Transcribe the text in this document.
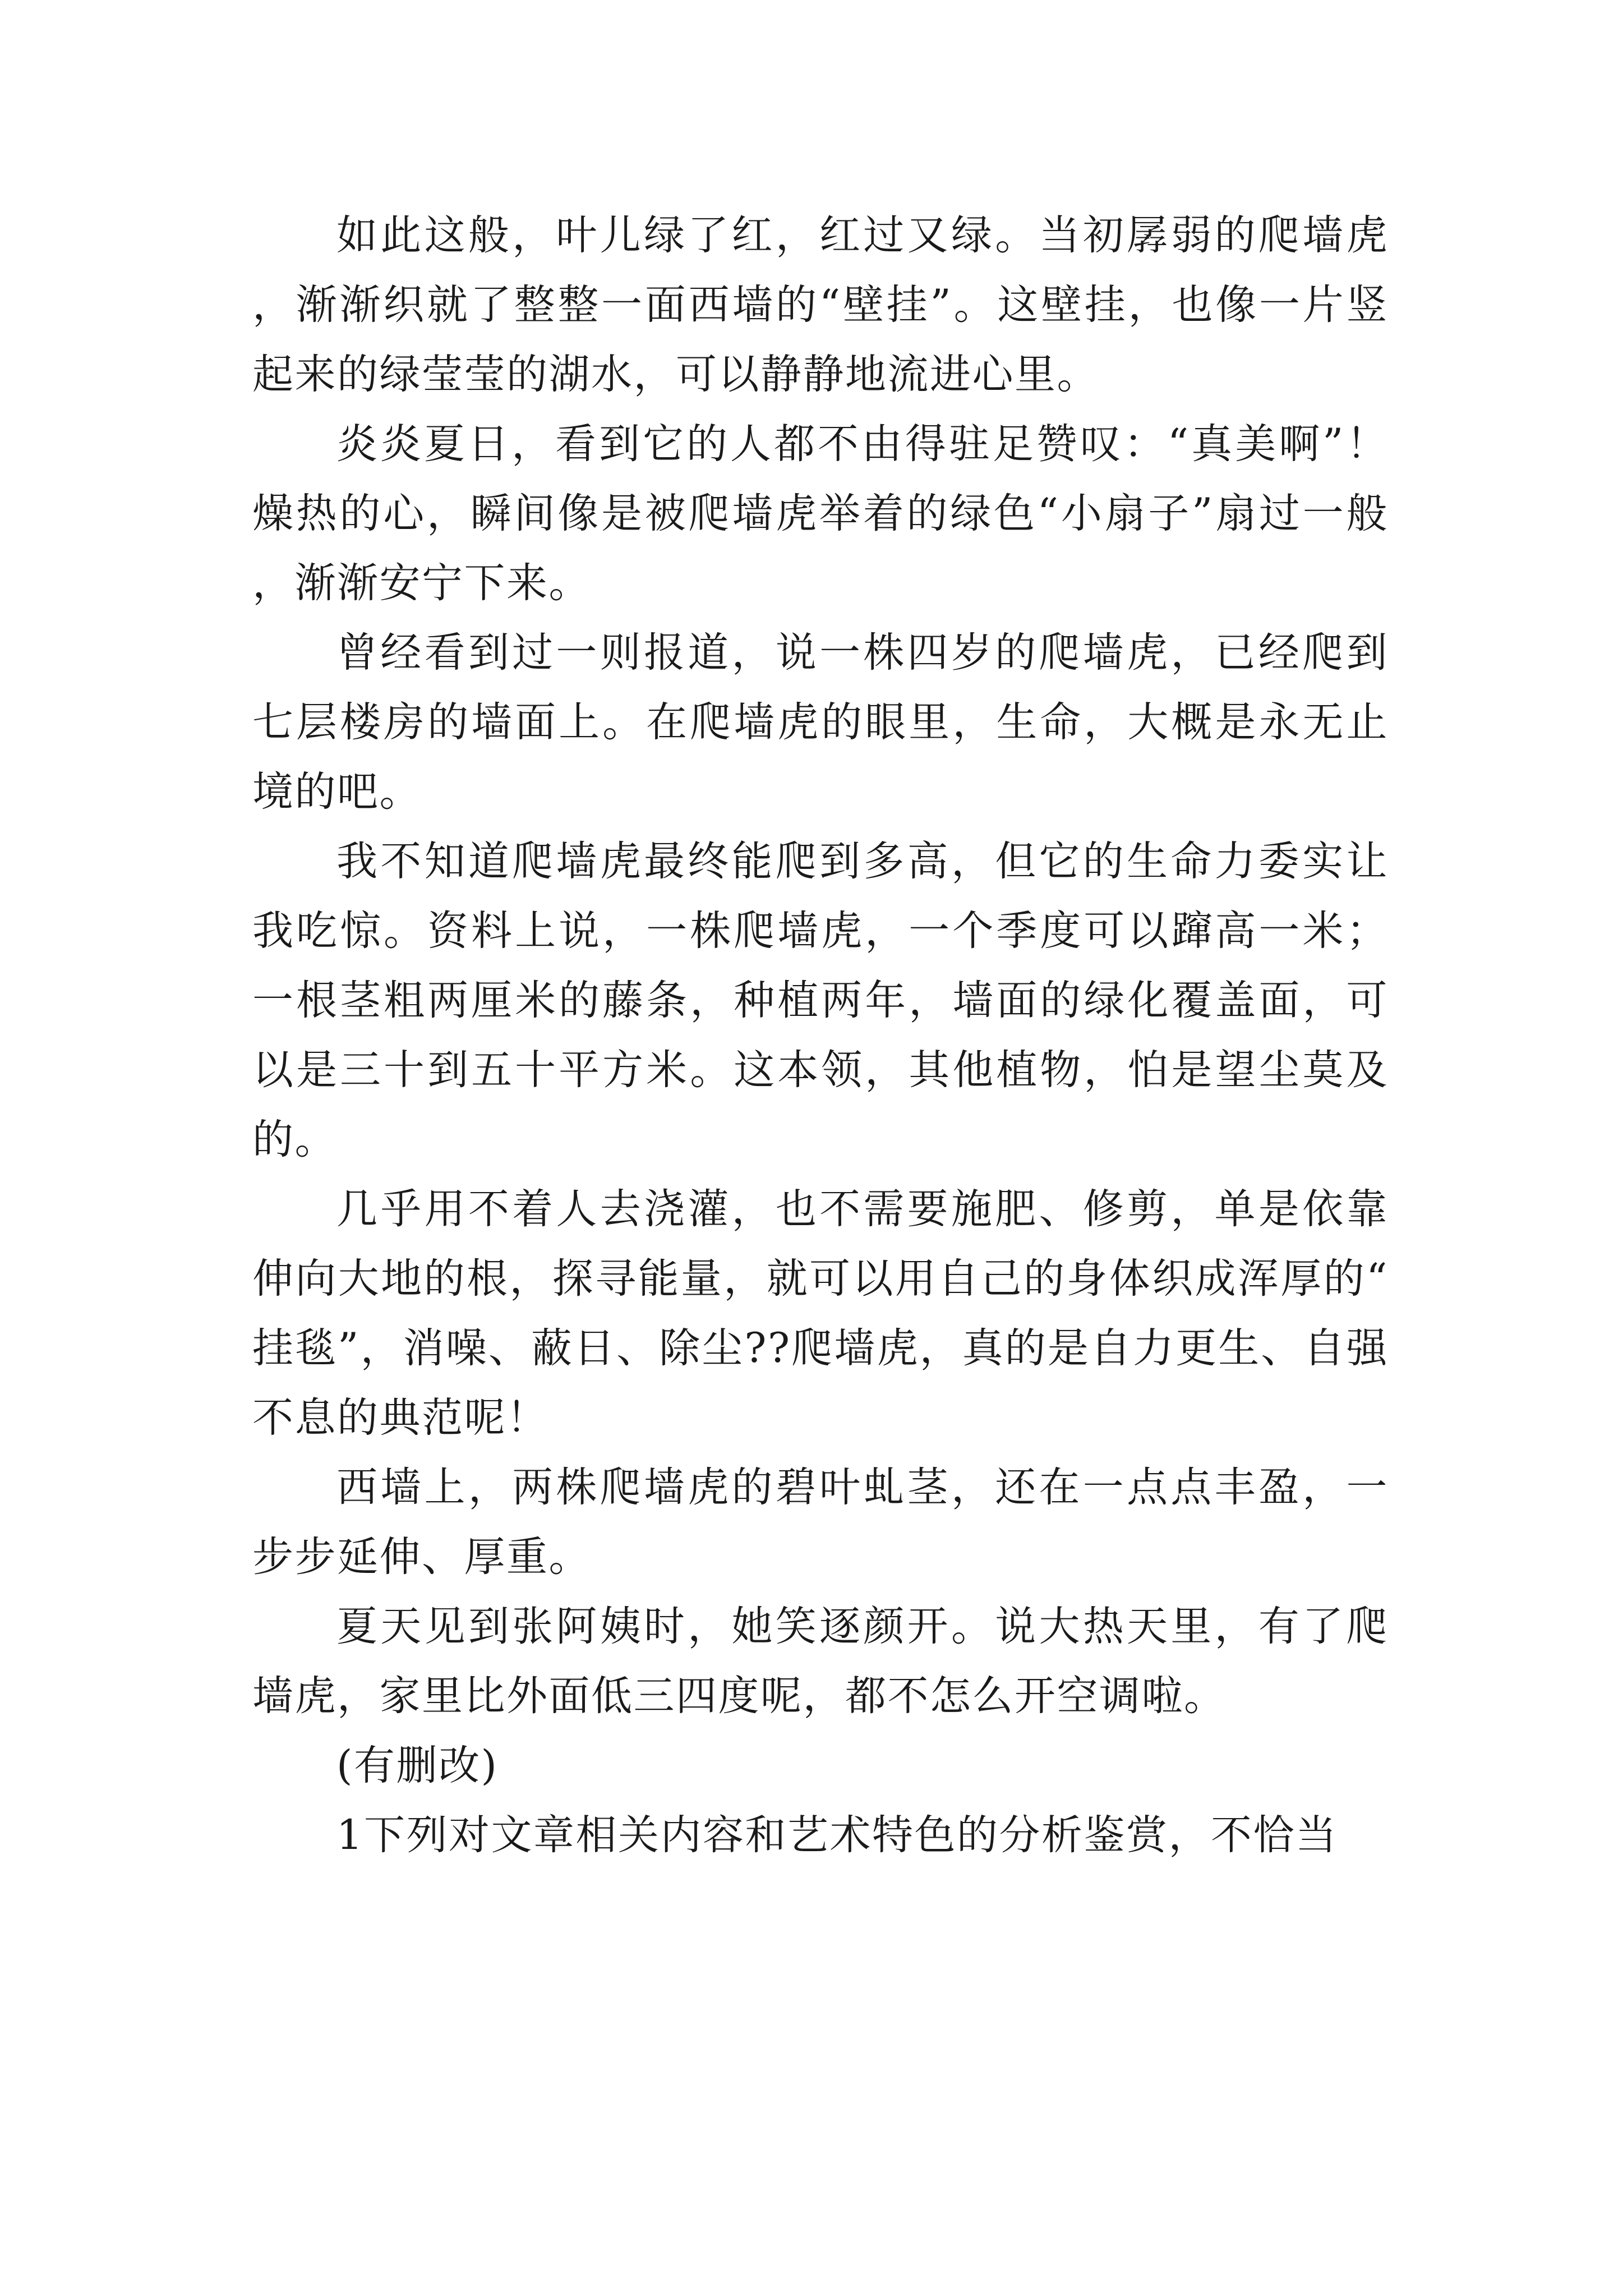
如此这般，叶儿绿了红，红过又绿。当初孱弱的爬墙虎，渐渐织就了整整一面西墙的“壁挂”。这壁挂，也像一片竖起来的绿莹莹的湖水，可以静静地流进心里。

炎炎夏日，看到它的人都不由得驻足赞叹：“真美啊”！燥热的心，瞬间像是被爬墙虎举着的绿色“小扇子”扇过一般，渐渐安宁下来。

曾经看到过一则报道，说一株四岁的爬墙虎，已经爬到七层楼房的墙面上。在爬墙虎的眼里，生命，大概是永无止境的吧。

我不知道爬墙虎最终能爬到多高，但它的生命力委实让我吃惊。资料上说，一株爬墙虎，一个季度可以蹿高一米；一根茎粗两厘米的藤条，种植两年，墙面的绿化覆盖面，可以是三十到五十平方米。这本领，其他植物，怕是望尘莫及的。

几乎用不着人去浇灌，也不需要施肥、修剪，单是依靠伸向大地的根，探寻能量，就可以用自己的身体织成浑厚的“挂毯”，消噪、蔽日、除尘??爬墙虎，真的是自力更生、自强不息的典范呢！

西墙上，两株爬墙虎的碧叶虬茎，还在一点点丰盈，一步步延伸、厚重。

夏天见到张阿姨时，她笑逐颜开。说大热天里，有了爬墙虎，家里比外面低三四度呢，都不怎么开空调啦。

(有删改)

1下列对文章相关内容和艺术特色的分析鉴赏，不恰当
